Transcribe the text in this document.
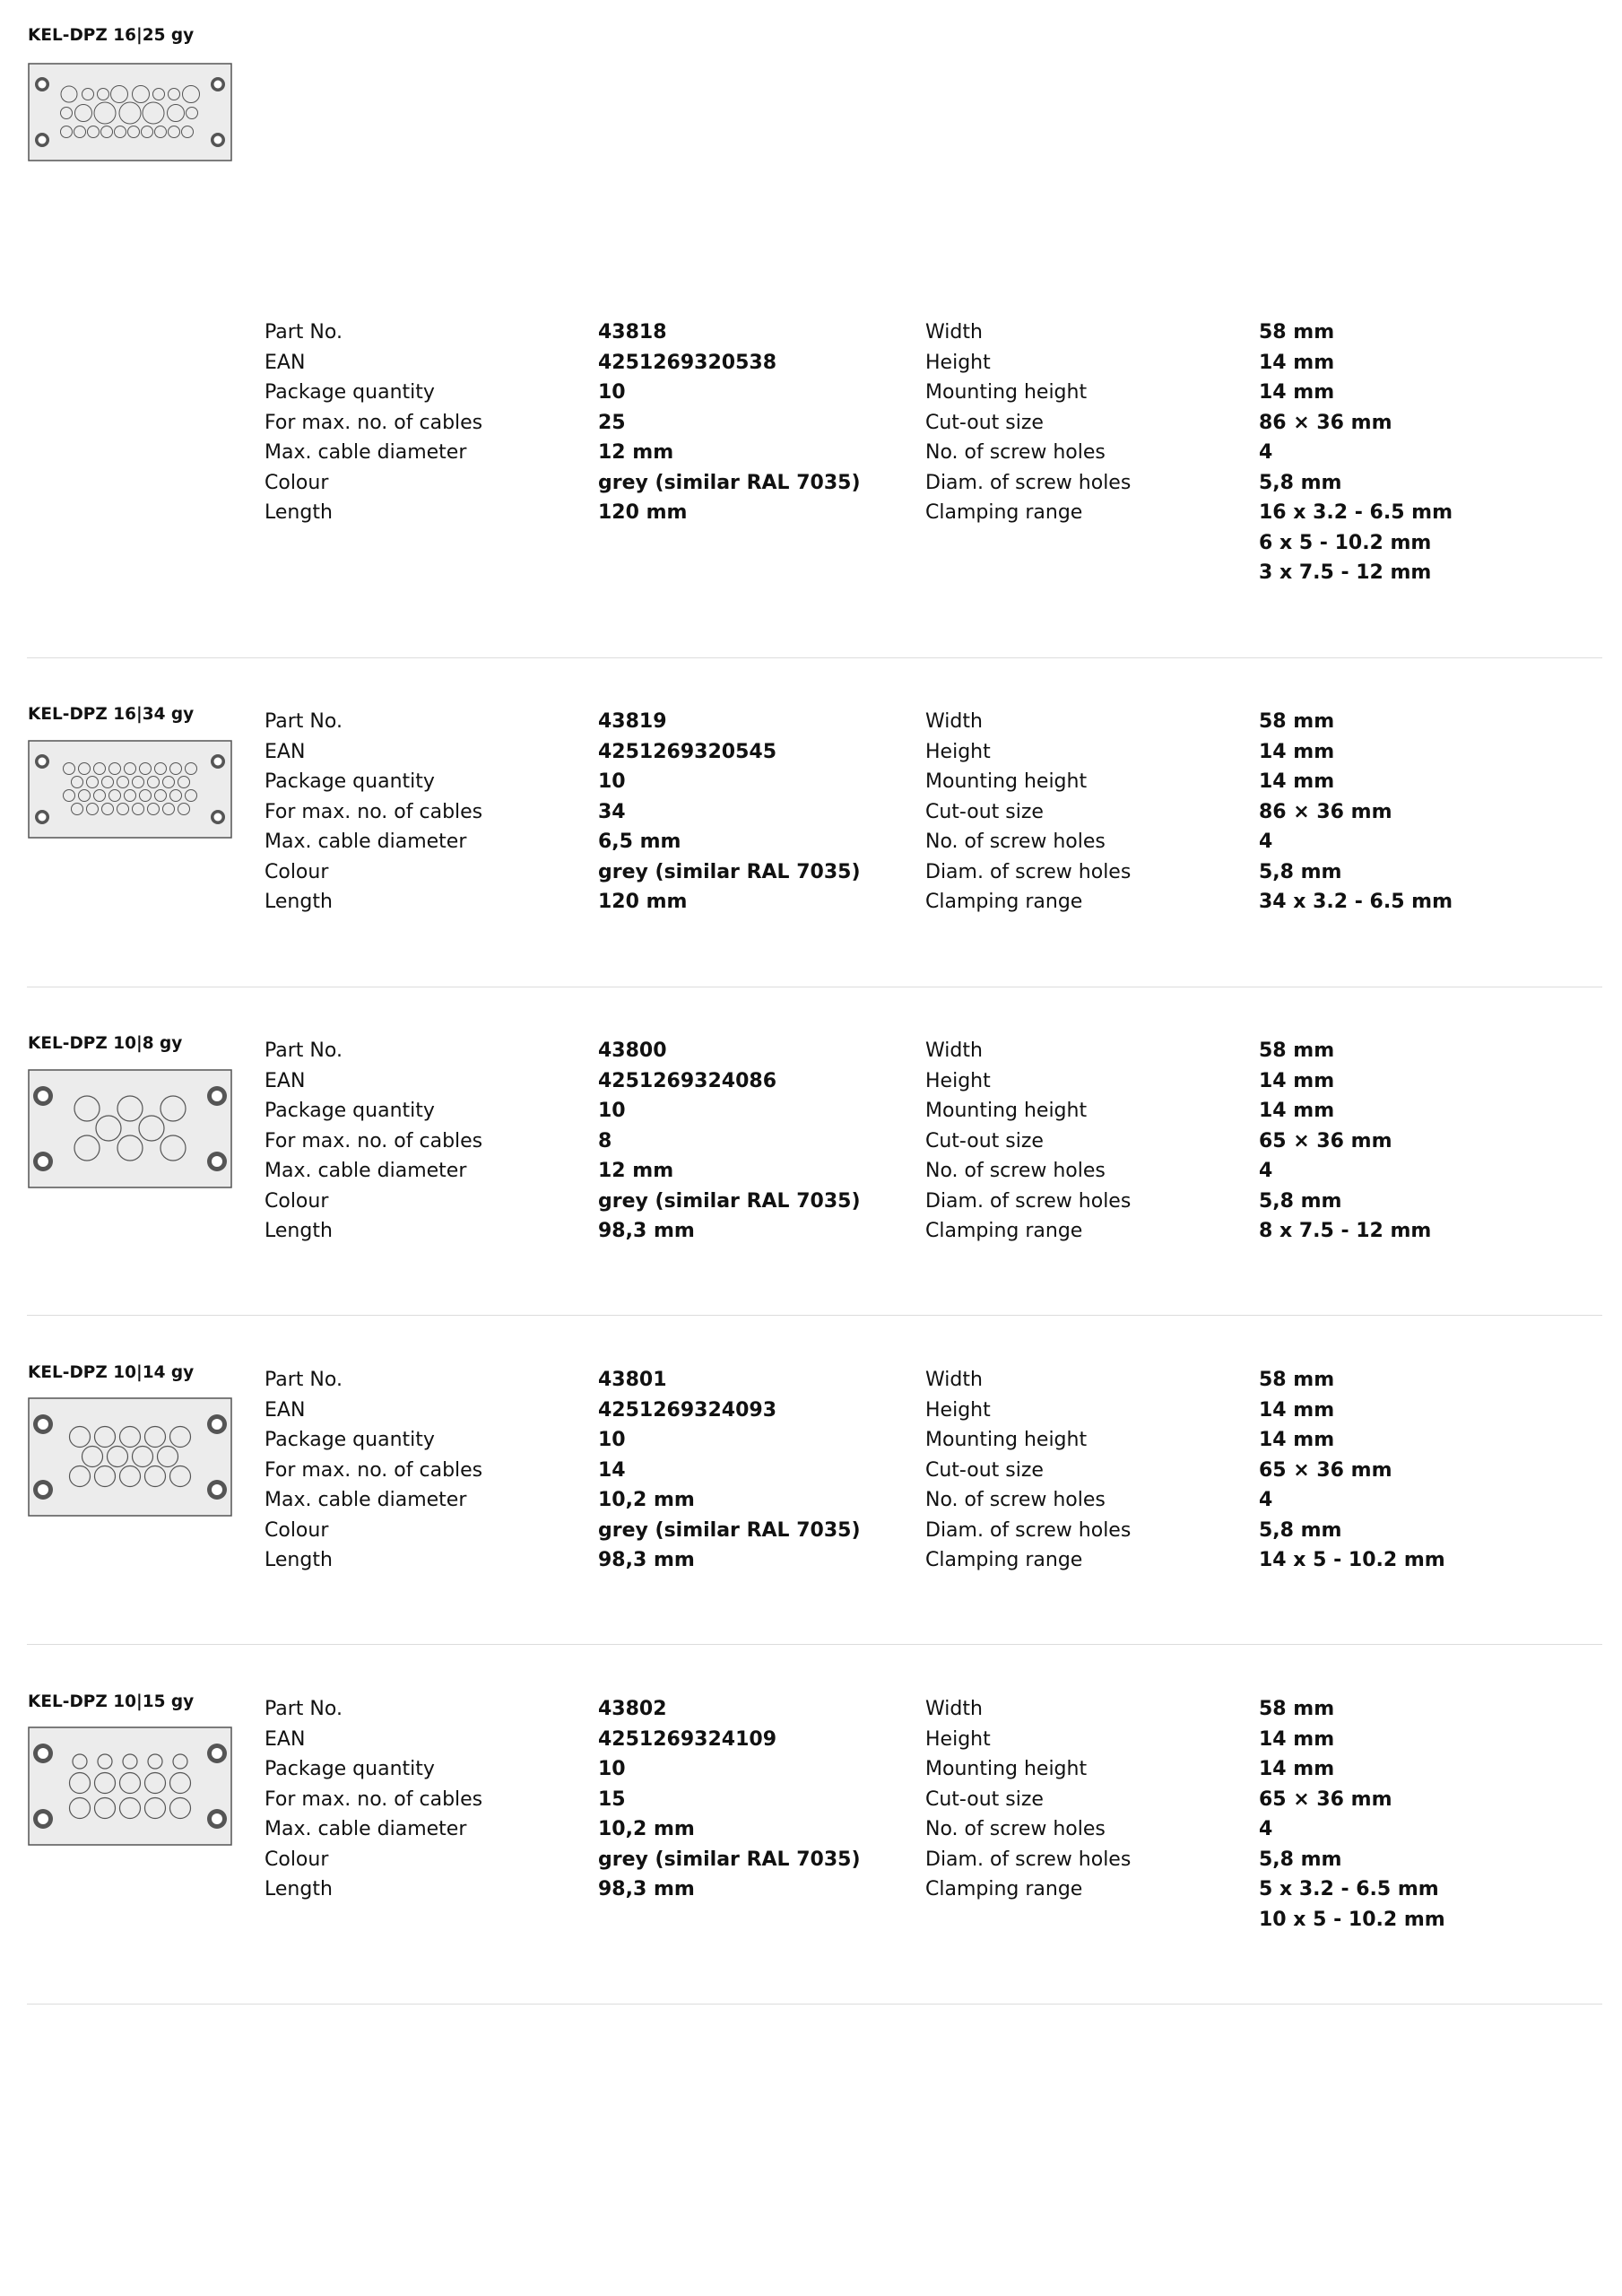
KEL-DPZ 16|25 gy
Part No.	43818	Width	58 mm
EAN	4251269320538	Height	14 mm
Package quantity	10	Mounting height	14 mm
For max. no. of cables	25	Cut-out size	86 × 36 mm
Max. cable diameter	12 mm	No. of screw holes	4
Colour	grey (similar RAL 7035)	Diam. of screw holes	5,8 mm
Length	120 mm	Clamping range	16 x 3.2 - 6.5 mm
6 x 5 - 10.2 mm
3 x 7.5 - 12 mm
KEL-DPZ 16|34 gy	Part No.	43819	Width	58 mm
EAN	4251269320545	Height	14 mm
Package quantity	10	Mounting height	14 mm
For max. no. of cables	34	Cut-out size	86 × 36 mm
Max. cable diameter	6,5 mm	No. of screw holes	4
Colour	grey (similar RAL 7035)	Diam. of screw holes	5,8 mm
Length	120 mm	Clamping range	34 x 3.2 - 6.5 mm
KEL-DPZ 10|8 gy	Part No.	43800	Width	58 mm
EAN	4251269324086	Height	14 mm
Package quantity	10	Mounting height	14 mm
For max. no. of cables	8	Cut-out size	65 × 36 mm
Max. cable diameter	12 mm	No. of screw holes	4
Colour	grey (similar RAL 7035)	Diam. of screw holes	5,8 mm
Length	98,3 mm	Clamping range	8 x 7.5 - 12 mm
KEL-DPZ 10|14 gy	Part No.	43801	Width	58 mm
EAN	4251269324093	Height	14 mm
Package quantity	10	Mounting height	14 mm
For max. no. of cables	14	Cut-out size	65 × 36 mm
Max. cable diameter	10,2 mm	No. of screw holes	4
Colour	grey (similar RAL 7035)	Diam. of screw holes	5,8 mm
Length	98,3 mm	Clamping range	14 x 5 - 10.2 mm
KEL-DPZ 10|15 gy	Part No.	43802	Width	58 mm
EAN	4251269324109	Height	14 mm
Package quantity	10	Mounting height	14 mm
For max. no. of cables	15	Cut-out size	65 × 36 mm
Max. cable diameter	10,2 mm	No. of screw holes	4
Colour	grey (similar RAL 7035)	Diam. of screw holes	5,8 mm
Length	98,3 mm	Clamping range	5 x 3.2 - 6.5 mm
10 x 5 - 10.2 mm
